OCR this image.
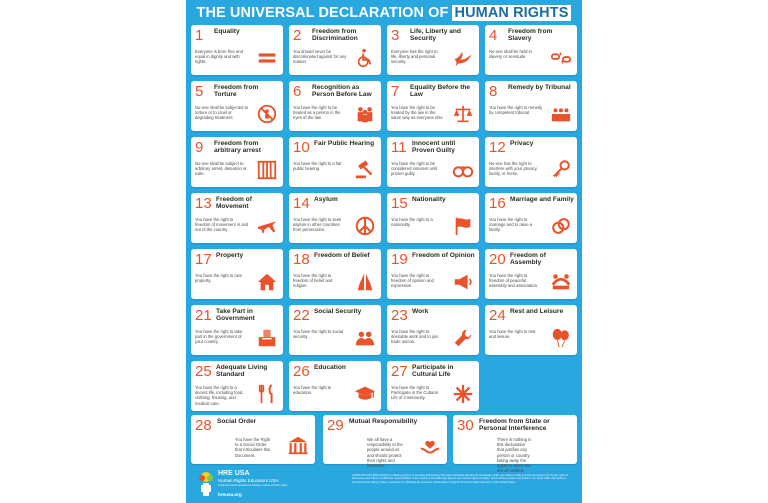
THE UNIVERSAL DECLARATION OF HUMAN RIGHTS
1 Equality
Everyone is born free and equal in dignity and with rights.
2 Freedom from Discrimination
You should never be discriminated against for any reason.
3 Life, Liberty and Security
Everyone has the right to life, liberty and personal security.
4 Freedom from Slavery
No-one shall be held in slavery or servitude.
5 Freedom from Torture
No-one shall be subjected to torture or to cruel or degrading treatment.
6 Recognition as Person Before Law
You have the right to be treated as a person in the eyes of the law.
7 Equality Before the Law
You have the right to be treated by the law in the same way as everyone else
8 Remedy by Tribunal
You have the right to remedy by competent tribunal.
9 Freedom from arbitrary arrest
No-one shall be subject to arbitrary arrest, detention or exile.
10 Fair Public Hearing
You have the right to a fair public hearing
11 Innocent until Proven Guilty
You have the right to be considered innocent until proven guilty.
12 Privacy
No-one has the right to interfere with your privacy, family, or home.
13 Freedom of Movement
You have the right to freedom of movement in and out of the country.
14 Asylum
You have the right to seek asylum in other countries from persecution.
15 Nationality
You have the right to a nationality.
16 Marriage and Family
You have the right to marriage and to raise a family.
17 Property
You have the right to own property.
18 Freedom of Belief
You have the right to freedom of belief and religion.
19 Freedom of Opinion
You have the right to freedom of opinion and expression.
20 Freedom of Assembly
You have the right to freedom of peaceful assembly and association.
21 Take Part in Government
You have the right to take part in the government of your country.
22 Social Security
You have the right to social security.
23 Work
You have the right to desirable work and to join trade unions.
24 Rest and Leisure
You have the right to rest and leisure.
25 Adequate Living Standard
You have the right to a decent life, including food, clothing, housing, and medical care.
26 Education
You have the right to education.
27 Participate in Cultural Life
You have the right to Participate in the Cultural Life of Community.
28 Social Order
You have the Right to a Social Order that Articulates this Document.
29 Mutual Responsibility
We all have a responsibility to the people around us and should protect their rights and freedoms.
30 Freedom from State or Personal Interference
There is nothing in this declaration that justifies any person or country taking away the rights to which we are all entitled.
HRE USA
Human Rights Educators USA
A national network dedicated to building a culture of human rights
hreusa.org
HUMAN RIGHTS EDUCATION is a lifelong process of teaching and learning that helps individuals develop the knowledge, skills, and values to fully exercise and protect the human rights of themselves and others; to fulfill their responsibilities in the context of internationally agreed upon human rights principles; and to achieve justice and peace in our world. HRE USA works to promote human dignity, justice, and peace by cultivating an expansive, vibrant base of support for human rights education in the United States.
